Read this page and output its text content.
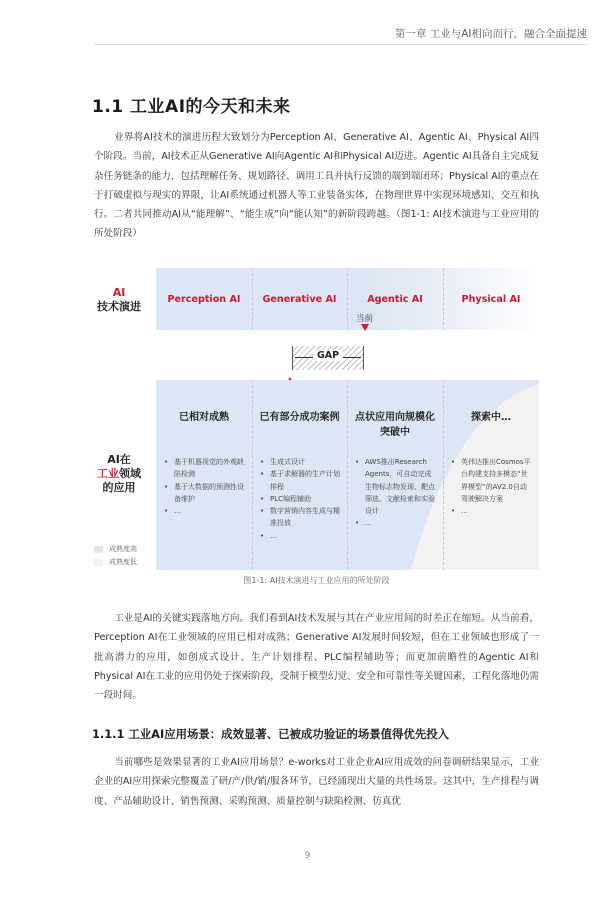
第一章 工业与AI相向而行，融合全面提速
1.1 工业AI的今天和未来
业界将AI技术的演进历程大致划分为Perception AI、Generative AI、Agentic AI、Physical AI四个阶段。当前，AI技术正从Generative AI向Agentic AI和Physical AI迈进。Agentic AI具备自主完成复杂任务链条的能力，包括理解任务、规划路径、调用工具并执行反馈的端到端闭环；Physical AI的重点在于打破虚拟与现实的界限，让AI系统通过机器人等工业装备实体，在物理世界中实现环境感知、交互和执行。二者共同推动AI从“能理解”、“能生成”向“能认知”的新阶段跨越。（图1-1: AI技术演进与工业应用的所处阶段）
AI
技术演进
Perception AI	Generative AI	Agentic AI	Physical AI
当前
GAP
AI在
工业领域
的应用
已相对成熟
• 基于机器视觉的外观缺陷检测
• 基于大数据的预测性设备维护
• …
已有部分成功案例
• 生成式设计
• 基于求解器的生产计划排程
• PLC编程辅助
• 数字营销内容生成与精准投放
• …
点状应用向规模化突破中
• AWS推出Research Agents，可自动完成生物标志物发现、靶点筛选、文献检索和实验设计
• …
探索中…
• 英伟达推出Cosmos平台构建支持多模态“世界模型”的AV2.0自动驾驶解决方案
• …
成熟度高
成熟度低
图1-1: AI技术演进与工业应用的所处阶段
工业是AI的关键实践落地方向。我们看到AI技术发展与其在产业应用间的时差正在缩短。从当前看，Perception AI在工业领域的应用已相对成熟；Generative AI发展时间较短，但在工业领域也形成了一批高潜力的应用，如创成式设计、生产计划排程、PLC编程辅助等；而更加前瞻性的Agentic AI和Physical AI在工业的应用仍处于探索阶段，受制于模型幻觉、安全和可靠性等关键因素，工程化落地仍需一段时间。
1.1.1 工业AI应用场景：成效显著、已被成功验证的场景值得优先投入
当前哪些是效果显著的工业AI应用场景？e-works对工业企业AI应用成效的问卷调研结果显示，工业企业的AI应用探索完整覆盖了研/产/供/销/服各环节，已经涌现出大量的共性场景。这其中，生产排程与调度、产品辅助设计、销售预测、采购预测、质量控制与缺陷检测、仿真优
9
